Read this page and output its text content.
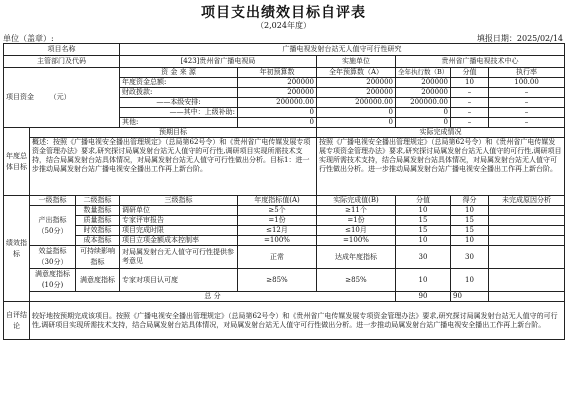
项目支出绩效目标自评表
（2,024年度）
单位（盖章）:	填报日期：2025/02/14
项目名称			广播电视发射台站无人值守可行性研究					
主管部门及代码			[423]贵州省广播电视局		实施单位	贵州省广播电视技术中心		
项目资金 （元）			资 金 来 源	年初预算数	全年预算数（A）	全年执行数（B）	分值	执行率
			年度资金总额:	200000	200000	200000	10	100.00
			财政拨款:	200000	200000	200000	–	–
			——本级安排:	200000.00	200000.00	200000.00	–	–
			——其中：上级补助:	0	0	0	–	–
			其他:	0	0	0	–	–
年度总体目标	预期目标				实际完成情况			
	概述：按照《广播电视安全播出管理规定》（总局第62号令）和《贵州省广电传媒发展专项资金管理办法》要求,研究探讨局属发射台站无人值守的可行性,调研项目实现所需技术支持，结合局属发射台站具体情况，对局属发射台站无人值守可行性做出分析。目标1：进一步推动局属发射台站广播电视安全播出工作再上新台阶。				按照《广播电视安全播出管理规定》（总局第62号令）和《贵州省广电传媒发展专项资金管理办法》要求,研究探讨局属发射台站无人值守的可行性,调研项目实现所需技术支持，结合局属发射台站具体情况，对局属发射台站无人值守可行性做出分析。进一步推动局属发射台站广播电视安全播出工作再上新台阶。			
绩效指标	一级指标	二级指标	三级指标	年度指标值(A)	实际完成值(B)	分值	得分	未完成原因分析
	产出指标（50分）	数量指标	调研单位	≥5个	≥11个	10	10	
		质量指标	专家评审报告	=1份	=1份	15	15	
		时效指标	项目完成时限	≤12月	≤10月	15	15	
		成本指标	项目立项金额成本控制率	=100%	=100%	10	10	
	效益指标（30分）	可持续影响指标	对局属发射台无人值守可行性提供参考意见	正常	达成年度指标	30	30	
	满意度指标(10分)	满意度指标	专家对项目认可度	≥85%	≥85%	10	10	
	总 分					90	90	
自评结论	较好地按预期完成该项目。按照《广播电视安全播出管理规定》（总局第62号令）和《贵州省广电传媒发展专项资金管理办法》要求,研究探讨局属发射台站无人值守的可行性,调研项目实现所需技术支持，结合局属发射台站具体情况，对局属发射台站无人值守可行性做出分析。进一步推动局属发射台站广播电视安全播出工作再上新台阶。							
